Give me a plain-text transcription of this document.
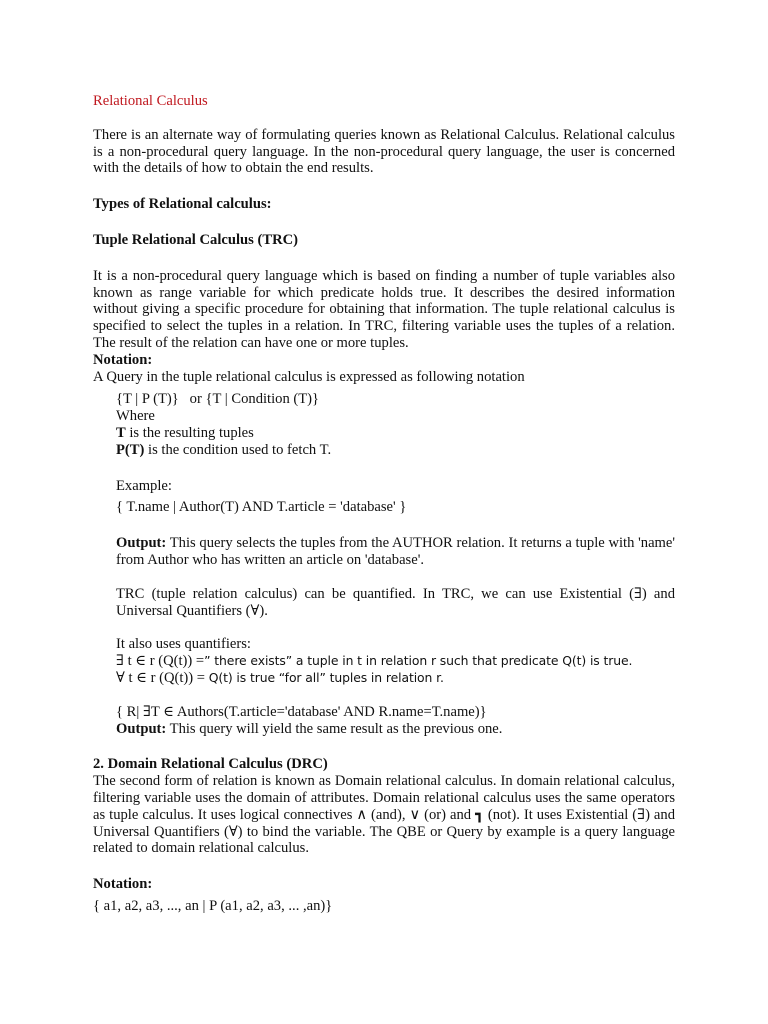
Relational Calculus

There is an alternate way of formulating queries known as Relational Calculus. Relational calculus is a non-procedural query language. In the non-procedural query language, the user is concerned with the details of how to obtain the end results.

Types of Relational calculus:

Tuple Relational Calculus (TRC)

It is a non-procedural query language which is based on finding a number of tuple variables also known as range variable for which predicate holds true. It describes the desired information without giving a specific procedure for obtaining that information. The tuple relational calculus is specified to select the tuples in a relation. In TRC, filtering variable uses the tuples of a relation. The result of the relation can have one or more tuples.

Notation:

A Query in the tuple relational calculus is expressed as following notation

{T | P (T)}   or {T | Condition (T)}
Where
T is the resulting tuples
P(T) is the condition used to fetch T.
Example:
{ T.name | Author(T) AND T.article = 'database' }

Output: This query selects the tuples from the AUTHOR relation. It returns a tuple with 'name' from Author who has written an article on 'database'.

TRC (tuple relation calculus) can be quantified. In TRC, we can use Existential (∃) and Universal Quantifiers (∀).

It also uses quantifiers:
∃ t ∈ r (Q(t)) =” there exists” a tuple in t in relation r such that predicate Q(t) is true.
∀ t ∈ r (Q(t)) = Q(t) is true “for all” tuples in relation r.
{ R| ∃T ∈ Authors(T.article='database' AND R.name=T.name)}

Output: This query will yield the same result as the previous one.

2. Domain Relational Calculus (DRC)

The second form of relation is known as Domain relational calculus. In domain relational calculus, filtering variable uses the domain of attributes. Domain relational calculus uses the same operators as tuple calculus. It uses logical connectives ∧ (and), ∨ (or) and ┓ (not). It uses Existential (∃) and Universal Quantifiers (∀) to bind the variable. The QBE or Query by example is a query language related to domain relational calculus.

Notation:

{ a1, a2, a3, ..., an | P (a1, a2, a3, ... ,an)}
